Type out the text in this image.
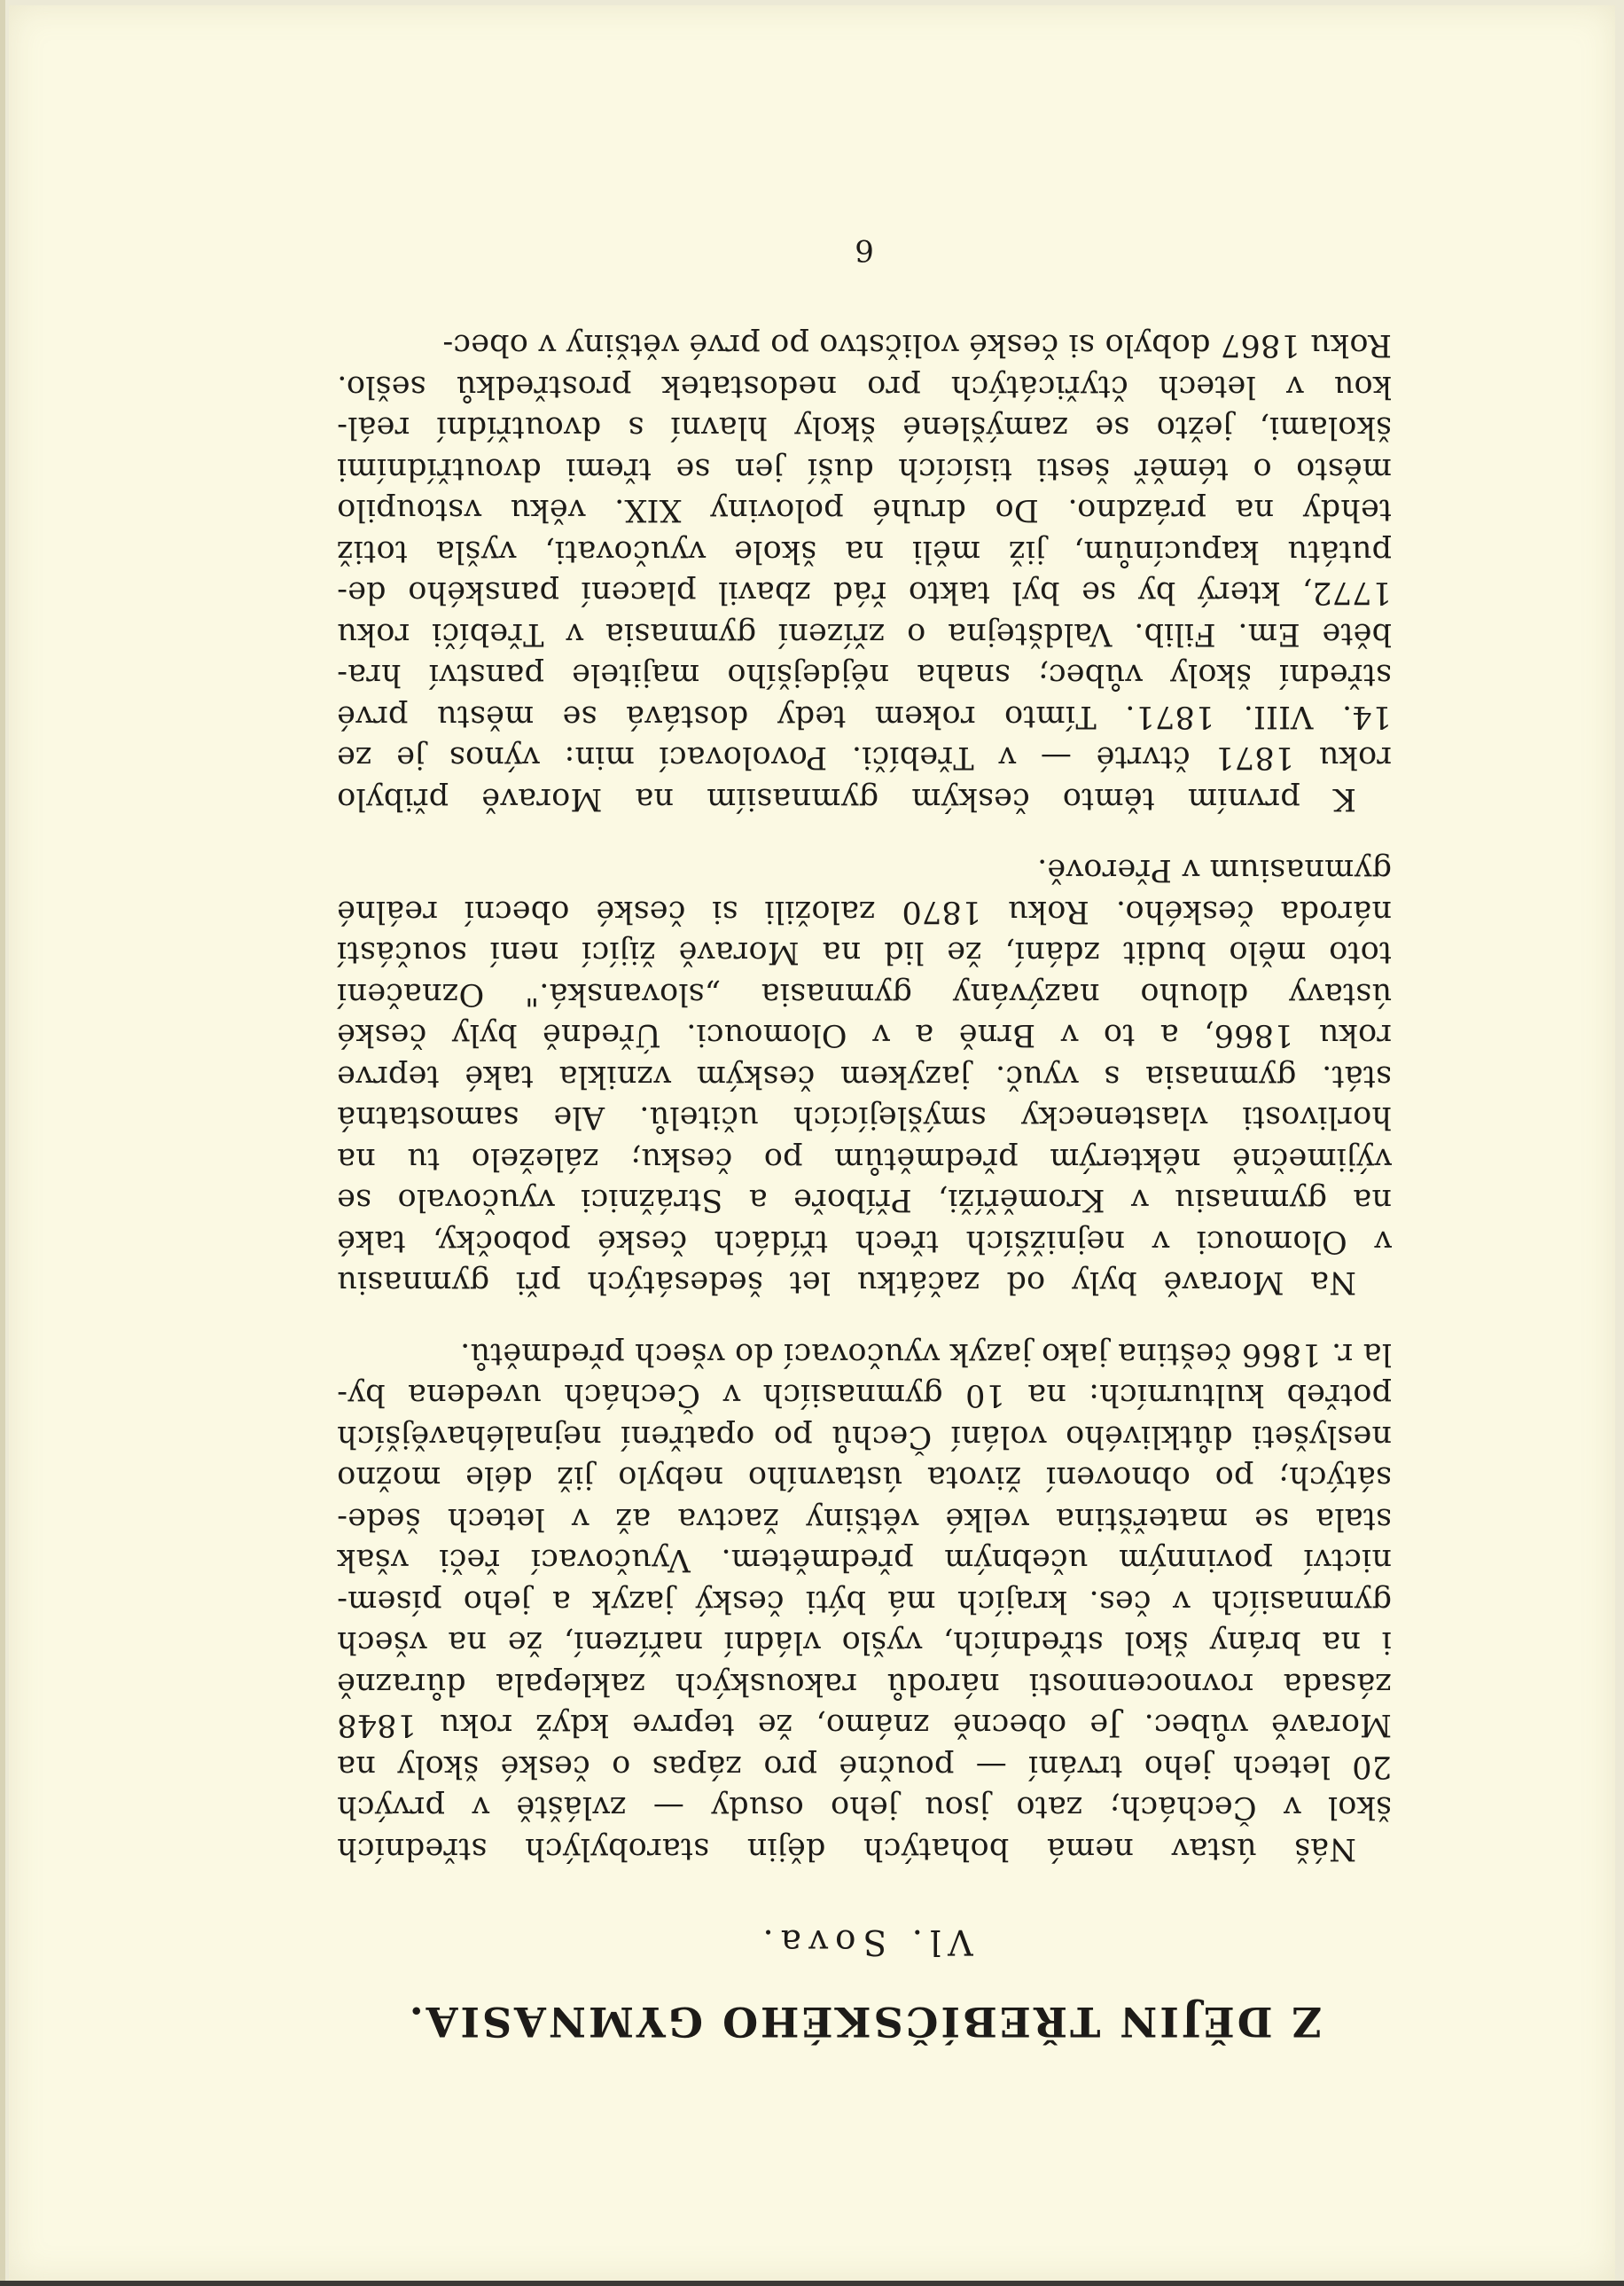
Z DĚJIN TŘEBÍČSKÉHO GYMNASIA.
Vl. Sova.

Náš ústav nemá bohatých dějin starobylých středních
škol v Čechách; zato jsou jeho osudy — zvláště v prvých
20 letech jeho trvání — poučné pro zápas o české školy na
Moravě vůbec. Je obecně známo, že teprve když roku 1848
zásada rovnocennosti národů rakouských zaklepala důrazně
i na brány škol středních, vyšlo vládní nařízení, že na všech
gymnasiích v čes. krajích má býti český jazyk a jeho písem-
nictví povinným učebným předmětem. Vyučovací řeči však
stala se mateřština velké většiny žactva až v letech šede-
sátých; po obnovení života ústavního nebylo již déle možno
neslyšeti důtklivého volání Čechů po opatření nejnaléhavějších
potřeb kulturních: na 10 gymnasiích v Čechách uvedena by-
la r. 1866 čeština jako jazyk vyučovací do všech předmětů.

Na Moravě byly od začátku let šedesátých při gymnasiu
v Olomouci v nejnižších třech třídách české pobočky, také
na gymnasiu v Kroměříži, Příboře a Strážnici vyučovalo se
výjimečně některým předmětům po česku; záleželo tu na
horlivosti vlastenecky smýšlejících učitelů. Ale samostatná
stát. gymnasia s vyuč. jazykem českým vznikla také teprve
roku 1866, a to v Brně a v Olomouci. Úředně byly české
ústavy dlouho nazývány gymnasia „slovanská." Označení
toto mělo budit zdání, že lid na Moravě žijící není součástí
národa českého. Roku 1870 založili si české obecní reálné
gymnasium v Přerově.

K prvním těmto českým gymnasiím na Moravě přibylo
roku 1871 čtvrté — v Třebíči. Povolovací min: výnos je ze
14. VIII. 1871. Tímto rokem tedy dostává se městu prvé
střední školy vůbec; snaha nějdejšího majitele panství hra-
běte Em. Filib. Valdštejna o zřízení gymnasia v Třebíči roku
1772, který by se byl takto řád zbavil placení panského de-
putátu kapucínům, již měli na škole vyučovati, vyšla totiž
tehdy na prázdno. Do druhé poloviny XIX. věku vstoupilo
město o téměř šesti tisících duší jen se třemi dvoutřídními
školami, ježto se zamýšlené školy hlavní s dvoutřídní reál-
kou v letech čtyřicátých pro nedostatek prostředků sešlo.
Roku 1867 dobylo si české voličstvo po prvé většiny v obec-

6
